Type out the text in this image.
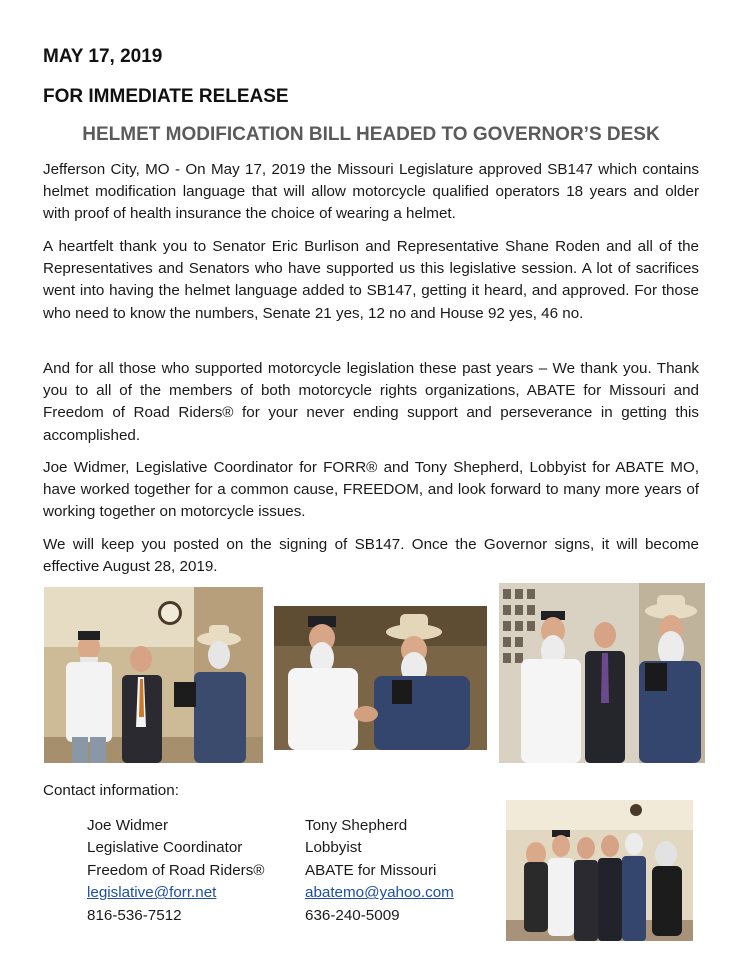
MAY 17, 2019
FOR IMMEDIATE RELEASE
HELMET MODIFICATION BILL HEADED TO GOVERNOR’S DESK

Jefferson City, MO - On May 17, 2019 the Missouri Legislature approved SB147 which contains helmet modification language that will allow motorcycle qualified operators 18 years and older with proof of health insurance the choice of wearing a helmet.

A heartfelt thank you to Senator Eric Burlison and Representative Shane Roden and all of the Representatives and Senators who have supported us this legislative session. A lot of sacrifices went into having the helmet language added to SB147, getting it heard, and approved. For those who need to know the numbers, Senate 21 yes, 12 no and House 92 yes, 46 no.

And for all those who supported motorcycle legislation these past years – We thank you. Thank you to all of the members of both motorcycle rights organizations, ABATE for Missouri and Freedom of Road Riders® for your never ending support and perseverance in getting this accomplished.

Joe Widmer, Legislative Coordinator for FORR® and Tony Shepherd, Lobbyist for ABATE MO, have worked together for a common cause, FREEDOM, and look forward to many more years of working together on motorcycle issues.

We will keep you posted on the signing of SB147. Once the Governor signs, it will become effective August 28, 2019.

Contact information:
Joe Widmer
Legislative Coordinator
Freedom of Road Riders®
legislative@forr.net
816-536-7512
Tony Shepherd
Lobbyist
ABATE for Missouri
abatemo@yahoo.com
636-240-5009
